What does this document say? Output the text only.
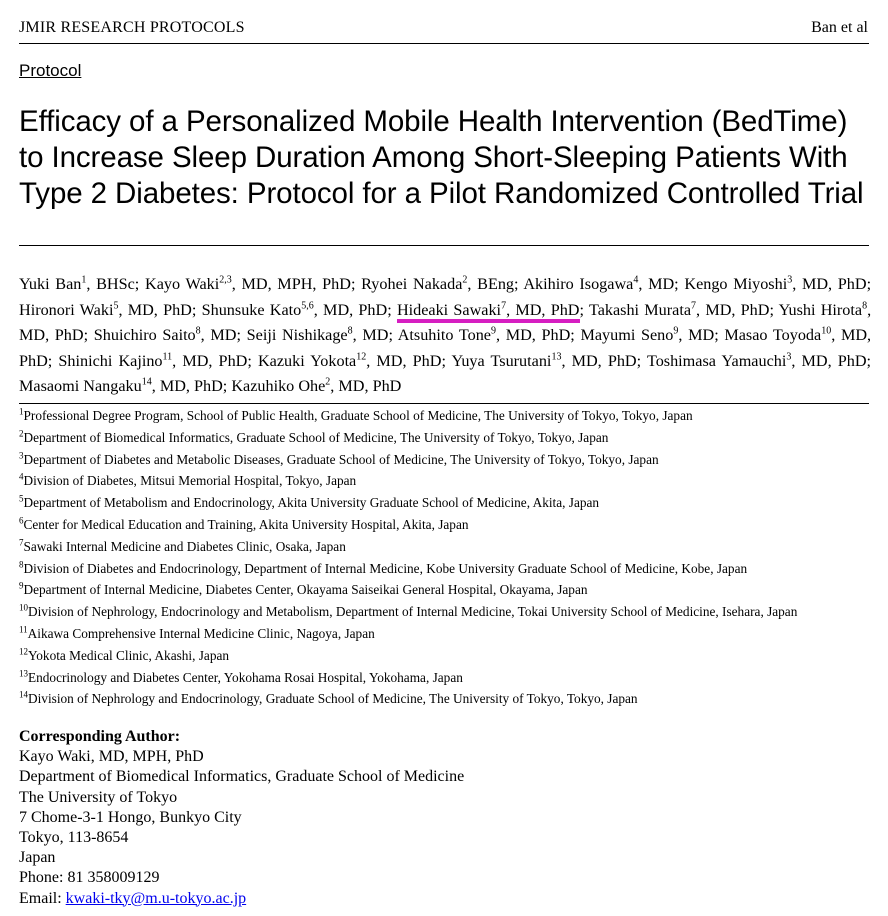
JMIR RESEARCH PROTOCOLS	Ban et al
Protocol
Efficacy of a Personalized Mobile Health Intervention (BedTime) to Increase Sleep Duration Among Short-Sleeping Patients With Type 2 Diabetes: Protocol for a Pilot Randomized Controlled Trial
Yuki Ban$^1$, BHSc; Kayo Waki$^{2,3}$, MD, MPH, PhD; Ryohei Nakada$^2$, BEng; Akihiro Isogawa$^4$, MD; Kengo Miyoshi$^3$, MD, PhD; Hironori Waki$^5$, MD, PhD; Shunsuke Kato$^{5,6}$, MD, PhD; Hideaki Sawaki$^7$, MD, PhD; Takashi Murata$^7$, MD, PhD; Yushi Hirota$^8$, MD, PhD; Shuichiro Saito$^8$, MD; Seiji Nishikage$^8$, MD; Atsuhito Tone$^9$, MD, PhD; Mayumi Seno$^9$, MD; Masao Toyoda$^{10}$, MD, PhD; Shinichi Kajino$^{11}$, MD, PhD; Kazuki Yokota$^{12}$, MD, PhD; Yuya Tsurutani$^{13}$, MD, PhD; Toshimasa Yamauchi$^3$, MD, PhD; Masaomi Nangaku$^{14}$, MD, PhD; Kazuhiko Ohe$^2$, MD, PhD
$^1$Professional Degree Program, School of Public Health, Graduate School of Medicine, The University of Tokyo, Tokyo, Japan
$^2$Department of Biomedical Informatics, Graduate School of Medicine, The University of Tokyo, Tokyo, Japan
$^3$Department of Diabetes and Metabolic Diseases, Graduate School of Medicine, The University of Tokyo, Tokyo, Japan
$^4$Division of Diabetes, Mitsui Memorial Hospital, Tokyo, Japan
$^5$Department of Metabolism and Endocrinology, Akita University Graduate School of Medicine, Akita, Japan
$^6$Center for Medical Education and Training, Akita University Hospital, Akita, Japan
$^7$Sawaki Internal Medicine and Diabetes Clinic, Osaka, Japan
$^8$Division of Diabetes and Endocrinology, Department of Internal Medicine, Kobe University Graduate School of Medicine, Kobe, Japan
$^9$Department of Internal Medicine, Diabetes Center, Okayama Saiseikai General Hospital, Okayama, Japan
$^{10}$Division of Nephrology, Endocrinology and Metabolism, Department of Internal Medicine, Tokai University School of Medicine, Isehara, Japan
$^{11}$Aikawa Comprehensive Internal Medicine Clinic, Nagoya, Japan
$^{12}$Yokota Medical Clinic, Akashi, Japan
$^{13}$Endocrinology and Diabetes Center, Yokohama Rosai Hospital, Yokohama, Japan
$^{14}$Division of Nephrology and Endocrinology, Graduate School of Medicine, The University of Tokyo, Tokyo, Japan
Corresponding Author:
Kayo Waki, MD, MPH, PhD
Department of Biomedical Informatics, Graduate School of Medicine
The University of Tokyo
7 Chome-3-1 Hongo, Bunkyo City
Tokyo, 113-8654
Japan
Phone: 81 358009129
Email: kwaki-tky@m.u-tokyo.ac.jp
